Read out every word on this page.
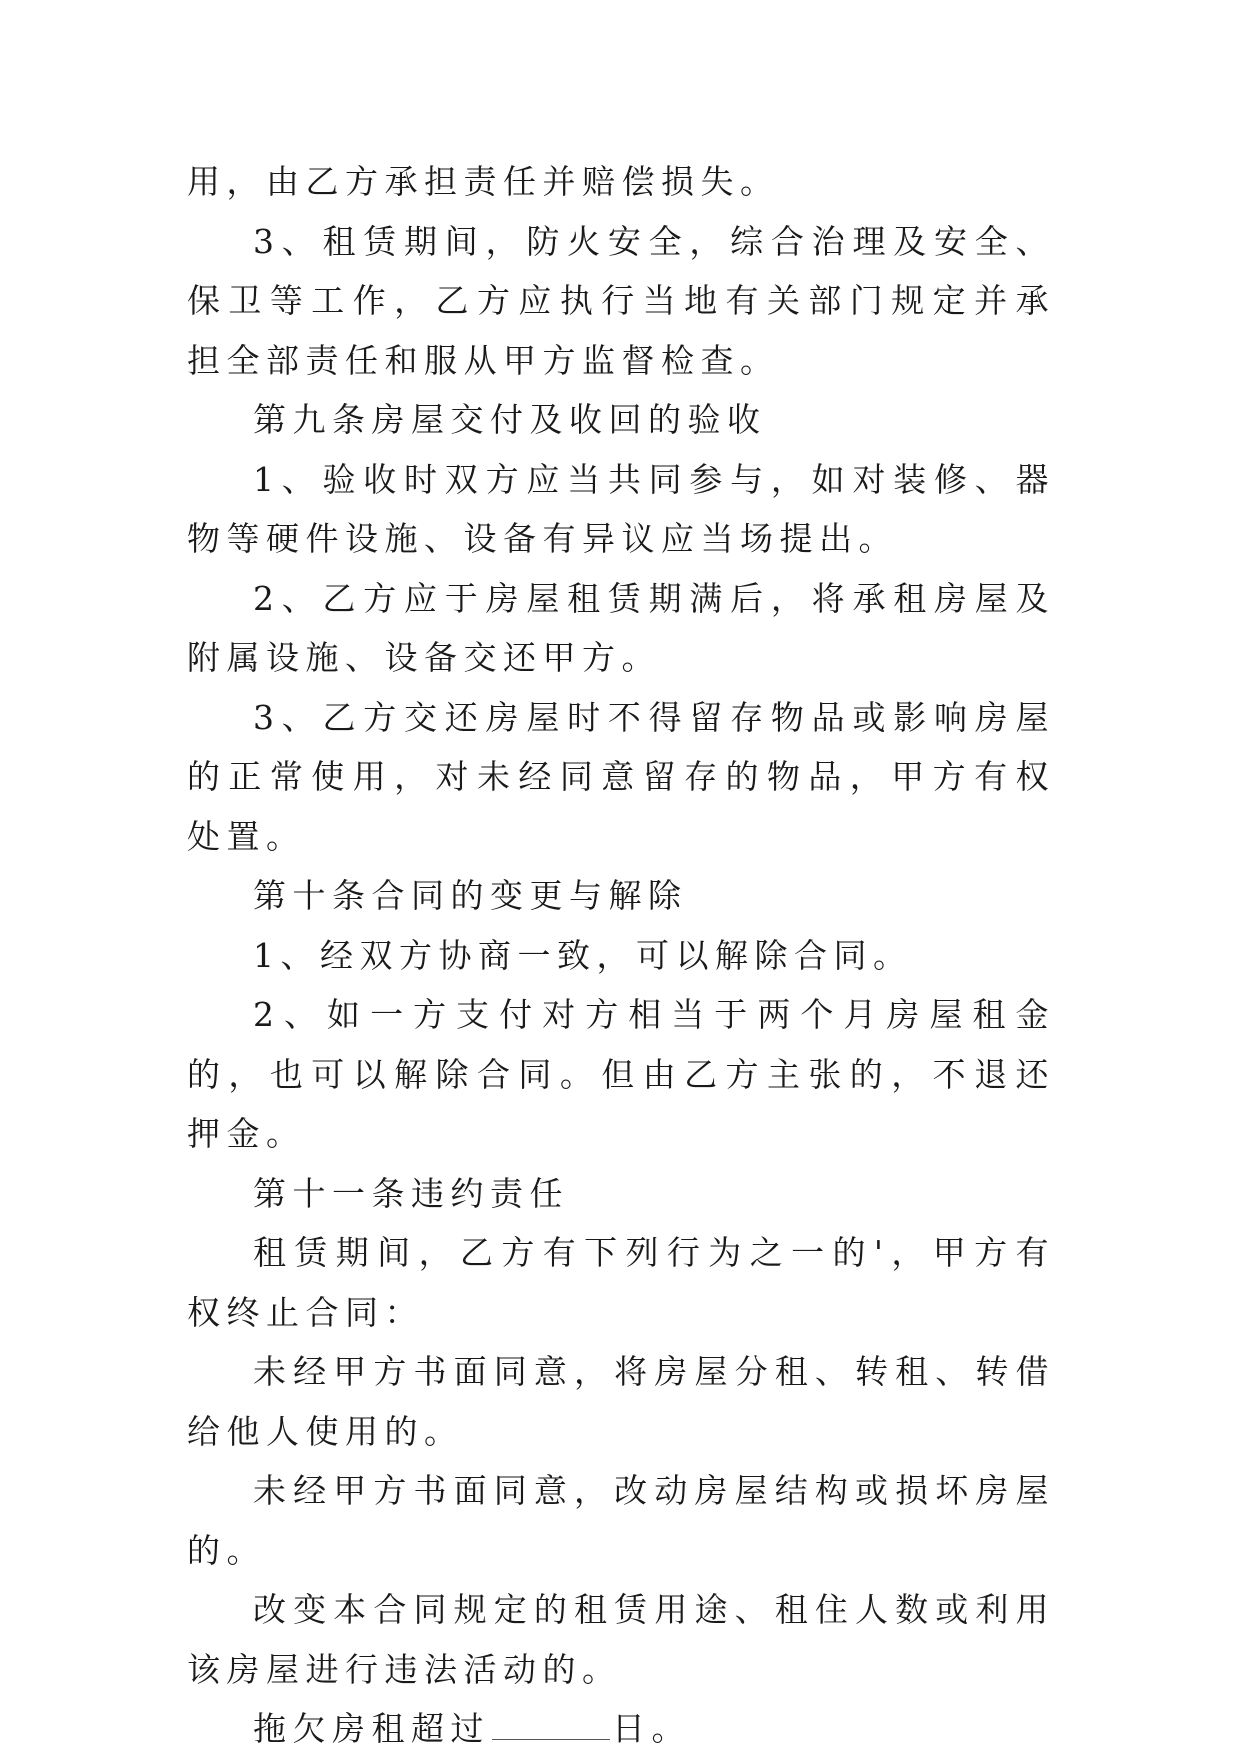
用，由乙方承担责任并赔偿损失。

3、租赁期间，防火安全，综合治理及安全、保卫等工作，乙方应执行当地有关部门规定并承担全部责任和服从甲方监督检查。

第九条房屋交付及收回的验收

1、验收时双方应当共同参与，如对装修、器物等硬件设施、设备有异议应当场提出。

2、乙方应于房屋租赁期满后，将承租房屋及附属设施、设备交还甲方。

3、乙方交还房屋时不得留存物品或影响房屋的正常使用，对未经同意留存的物品，甲方有权处置。

第十条合同的变更与解除

1、经双方协商一致，可以解除合同。

2、如一方支付对方相当于两个月房屋租金的，也可以解除合同。但由乙方主张的，不退还押金。

第十一条违约责任

租赁期间，乙方有下列行为之一的'，甲方有权终止合同：

未经甲方书面同意，将房屋分租、转租、转借给他人使用的。

未经甲方书面同意，改动房屋结构或损坏房屋的。

改变本合同规定的租赁用途、租住人数或利用该房屋进行违法活动的。

拖欠房租超过	日。
